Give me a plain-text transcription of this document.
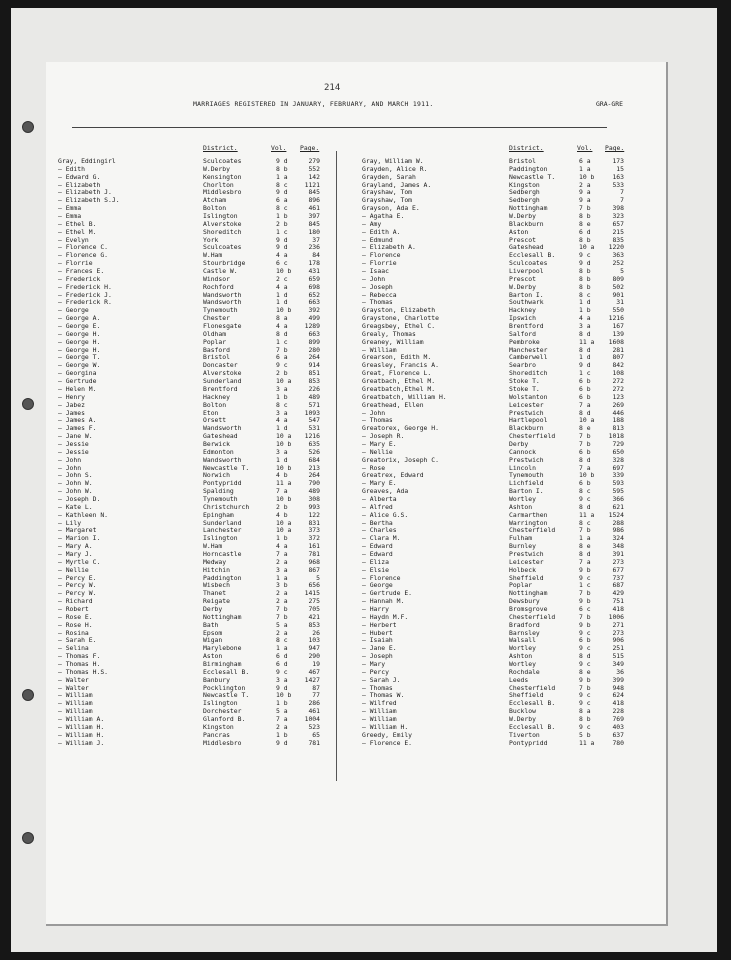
214
MARRIAGES REGISTERED IN JANUARY, FEBRUARY, AND MARCH 1911.	GRA-GRE
District.	Vol. Page.	District.	Vol. Page.
Gray, Eddingirl	Sculcoates	9 d	279
— Edith	W.Derby	8 b	552
— Edward G.	Kensington	1 a	142
— Elizabeth	Chorlton	8 c	1121
— Elizabeth J.	Middlesbro	9 d	845
— Elizabeth S.J.	Atcham	6 a	896
— Emma	Bolton	8 c	461
— Emma	Islington	1 b	397
— Ethel B.	Alverstoke	2 b	845
— Ethel M.	Shoreditch	1 c	180
— Evelyn	York	9 d	37
— Florence C.	Sculcoates	9 d	236
— Florence G.	W.Ham	4 a	84
— Florrie	Stourbridge	6 c	178
— Frances E.	Castle W.	10 b	431
— Frederick	Windsor	2 c	659
— Frederick H.	Rochford	4 a	698
— Frederick J.	Wandsworth	1 d	652
— Frederick R.	Wandsworth	1 d	663
— George	Tynemouth	10 b	392
— George A.	Chester	8 a	499
— George E.	Flonesgate	4 a	1289
— George H.	Oldham	8 d	663
— George H.	Poplar	1 c	899
— George H.	Basford	7 b	280
— George T.	Bristol	6 a	264
— George W.	Doncaster	9 c	914
— Georgina	Alverstoke	2 b	851
— Gertrude	Sunderland	10 a	853
— Helen M.	Brentford	3 a	226
— Henry	Hackney	1 b	489
— Jabez	Bolton	8 c	571
— James	Eton	3 a	1093
— James A.	Orsett	4 a	547
— James F.	Wandsworth	1 d	531
— Jane W.	Gateshead	10 a 1216
— Jessie	Berwick	10 b	635
— Jessie	Edmonton	3 a	526
— John	Wandsworth	1 d	684
— John	Newcastle T.	10 b	213
— John S.	Norwich	4 b	264
— John W.	Pontypridd	11 a	790
— John W.	Spalding	7 a	489
— Joseph D.	Tynemouth	10 b	308
— Kate L.	Christchurch	2 b	993
— Kathleen N.	Epingham	4 b	122
— Lily	Sunderland	10 a	831
— Margaret	Lanchester	10 a	373
— Marion I.	Islington	1 b	372
— Mary A.	W.Ham	4 a	161
— Mary J.	Horncastle	7 a	781
— Myrtle C.	Medway	2 a	968
— Nellie	Hitchin	3 a	867
— Percy E.	Paddington	1 a	5
— Percy W.	Wisbech	3 b	656
— Percy W.	Thanet	2 a	1415
— Richard	Reigate	2 a	275
— Robert	Derby	7 b	705
— Rose E.	Nottingham	7 b	421
— Rose H.	Bath	5 a	853
— Rosina	Epsom	2 a	26
— Sarah E.	Wigan	8 c	103
— Selina	Marylebone	1 a	947
— Thomas F.	Aston	6 d	290
— Thomas H.	Birmingham	6 d	19
— Thomas H.S.	Ecclesall B.	9 c	467
— Walter	Banbury	3 a	1427
— Walter	Pocklington	9 d	87
— William	Newcastle T.	10 b	77
— William	Islington	1 b	286
— William	Dorchester	5 a	461
— William A.	Glanford B.	7 a	1004
— William H.	Kingston	2 a	523
— William H.	Pancras	1 b	65
— William J.	Middlesbro	9 d	781
Gray, William W.	Bristol	6 a	173
Grayden, Alice R.	Paddington	1 a	15
Grayden, Sarah	Newcastle T.	10 b	163
Grayland, James A.	Kingston	2 a	533
Grayshaw, Tom	Sedbergh	9 a	7
Grayshaw, Tom	Sedbergh	9 a	7
Grayson, Ada E.	Nottingham	7 b	398
— Agatha E.	W.Derby	8 b	323
— Amy	Blackburn	8 e	657
— Edith A.	Aston	6 d	215
— Edmund	Prescot	8 b	835
— Elizabeth A.	Gateshead	10 a 1220
— Florence	Ecclesall B.	9 c	363
— Florrie	Sculcoates	9 d	252
— Isaac	Liverpool	8 b	5
— John	Prescot	8 b	809
— Joseph	W.Derby	8 b	502
— Rebecca	Barton I.	8 c	901
— Thomas	Southwark	1 d	31
Grayston, Elizabeth	Hackney	1 b	550
Graystone, Charlotte	Ipswich	4 a	1216
Greagsbey, Ethel C.	Brentford	3 a	167
Grealy, Thomas	Salford	8 d	139
Greaney, William	Pembroke	11 a 1608
— William	Manchester	8 d	281
Grearson, Edith M.	Camberwell	1 d	807
Greasley, Francis A.	Searbro	9 d	842
Great, Florence L.	Shoreditch	1 c	108
Greatbach, Ethel M.	Stoke T.	6 b	272
Greatbatch,Ethel M.	Stoke T.	6 b	272
Greatbatch, William H.	Wolstanton	6 b	123
Greathead, Ellen	Leicester	7 a	269
— John	Prestwich	8 d	446
— Thomas	Hartlepool	10 a	188
Greatorex, George H.	Blackburn	8 e	813
— Joseph R.	Chesterfield	7 b	1018
— Mary E.	Derby	7 b	729
— Nellie	Cannock	6 b	650
Greatorix, Joseph C.	Prestwich	8 d	328
— Rose	Lincoln	7 a	697
Greatrex, Edward	Tynemouth	10 b	339
— Mary E.	Lichfield	6 b	593
Greaves, Ada	Barton I.	8 c	595
— Alberta	Wortley	9 c	366
— Alfred	Ashton	8 d	621
— Alice G.S.	Carmarthen	11 a 1524
— Bertha	Warrington	8 c	288
— Charles	Chesterfield	7 b	986
— Clara M.	Fulham	1 a	324
— Edward	Burnley	8 e	348
— Edward	Prestwich	8 d	391
— Eliza	Leicester	7 a	273
— Elsie	Holbeck	9 b	677
— Florence	Sheffield	9 c	737
— George	Poplar	1 c	687
— Gertrude E.	Nottingham	7 b	429
— Hannah M.	Dewsbury	9 b	751
— Harry	Bromsgrove	6 c	418
— Haydn M.F.	Chesterfield	7 b	1006
— Herbert	Bradford	9 b	271
— Hubert	Barnsley	9 c	273
— Isaiah	Walsall	6 b	906
— Jane E.	Wortley	9 c	251
— Joseph	Ashton	8 d	515
— Mary	Wortley	9 c	349
— Percy	Rochdale	8 e	36
— Sarah J.	Leeds	9 b	399
— Thomas	Chesterfield	7 b	948
— Thomas W.	Sheffield	9 c	624
— Wilfred	Ecclesall B.	9 c	418
— William	Bucklow	8 a	228
— William	W.Derby	8 b	769
— William H.	Ecclesall B.	9 c	403
Greedy, Emily	Tiverton	5 b	637
— Florence E.	Pontypridd	11 a	780
